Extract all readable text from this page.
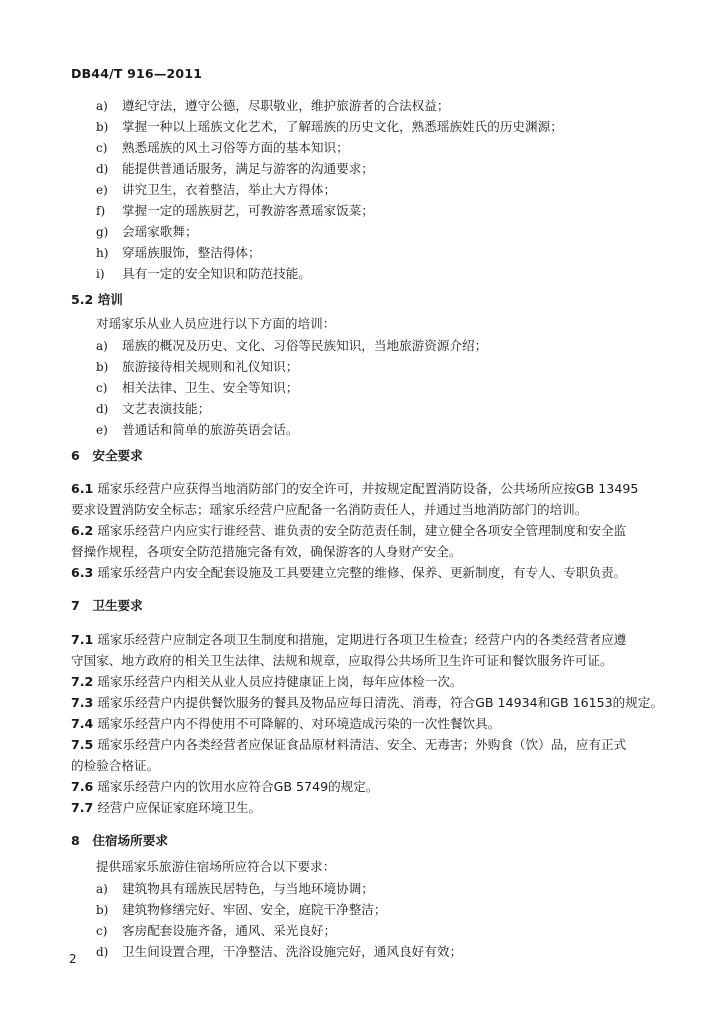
DB44/T 916—2011
a) 遵纪守法，遵守公德，尽职敬业，维护旅游者的合法权益；
b) 掌握一种以上瑶族文化艺术，了解瑶族的历史文化，熟悉瑶族姓氏的历史渊源；
c) 熟悉瑶族的风土习俗等方面的基本知识；
d) 能提供普通话服务，满足与游客的沟通要求；
e) 讲究卫生，衣着整洁，举止大方得体；
f) 掌握一定的瑶族厨艺，可教游客煮瑶家饭菜；
g) 会瑶家歌舞；
h) 穿瑶族服饰，整洁得体；
i) 具有一定的安全知识和防范技能。
5.2 培训
对瑶家乐从业人员应进行以下方面的培训：
a) 瑶族的概况及历史、文化、习俗等民族知识，当地旅游资源介绍；
b) 旅游接待相关规则和礼仪知识；
c) 相关法律、卫生、安全等知识；
d) 文艺表演技能；
e) 普通话和简单的旅游英语会话。
6　安全要求
6.1 瑶家乐经营户应获得当地消防部门的安全许可，并按规定配置消防设备，公共场所应按GB 13495
要求设置消防安全标志；瑶家乐经营户应配备一名消防责任人，并通过当地消防部门的培训。
6.2 瑶家乐经营户内应实行谁经营、谁负责的安全防范责任制，建立健全各项安全管理制度和安全监
督操作规程，各项安全防范措施完备有效，确保游客的人身财产安全。
6.3 瑶家乐经营户内安全配套设施及工具要建立完整的维修、保养、更新制度，有专人、专职负责。
7　卫生要求
7.1 瑶家乐经营户应制定各项卫生制度和措施，定期进行各项卫生检查；经营户内的各类经营者应遵
守国家、地方政府的相关卫生法律、法规和规章，应取得公共场所卫生许可证和餐饮服务许可证。
7.2 瑶家乐经营户内相关从业人员应持健康证上岗，每年应体检一次。
7.3 瑶家乐经营户内提供餐饮服务的餐具及物品应每日清洗、消毒，符合GB 14934和GB 16153的规定。
7.4 瑶家乐经营户内不得使用不可降解的、对环境造成污染的一次性餐饮具。
7.5 瑶家乐经营户内各类经营者应保证食品原材料清洁、安全、无毒害；外购食（饮）品，应有正式
的检验合格证。
7.6 瑶家乐经营户内的饮用水应符合GB 5749的规定。
7.7 经营户应保证家庭环境卫生。
8　住宿场所要求
提供瑶家乐旅游住宿场所应符合以下要求：
a) 建筑物具有瑶族民居特色，与当地环境协调；
b) 建筑物修缮完好、牢固、安全，庭院干净整洁；
c) 客房配套设施齐备，通风、采光良好；
d) 卫生间设置合理，干净整洁、洗浴设施完好，通风良好有效；
2
